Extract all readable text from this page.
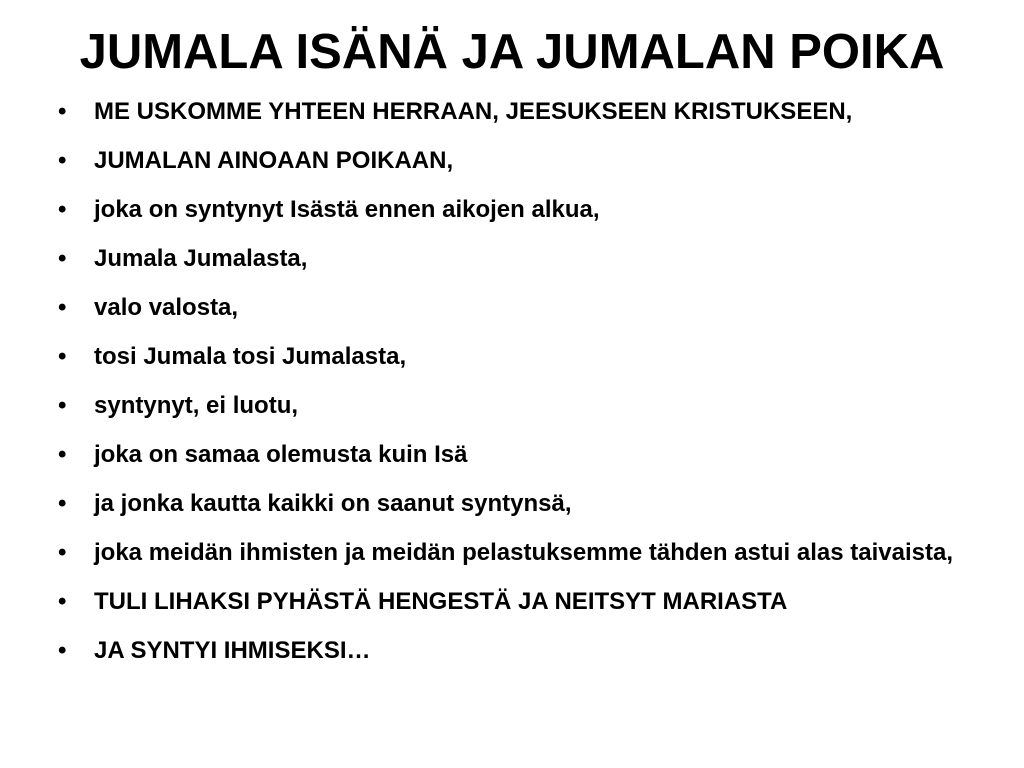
JUMALA ISÄNÄ JA JUMALAN POIKA
•	ME USKOMME YHTEEN HERRAAN, JEESUKSEEN KRISTUKSEEN,
•	JUMALAN AINOAAN POIKAAN,
•	joka on syntynyt Isästä ennen aikojen alkua,
•	Jumala Jumalasta,
•	valo valosta,
•	tosi Jumala tosi Jumalasta,
•	syntynyt, ei luotu,
•	joka on samaa olemusta kuin Isä
•	ja jonka kautta kaikki on saanut syntynsä,
•	joka meidän ihmisten ja meidän pelastuksemme tähden astui alas taivaista,
•	TULI LIHAKSI PYHÄSTÄ HENGESTÄ JA NEITSYT MARIASTA
•	JA SYNTYI IHMISEKSI…
